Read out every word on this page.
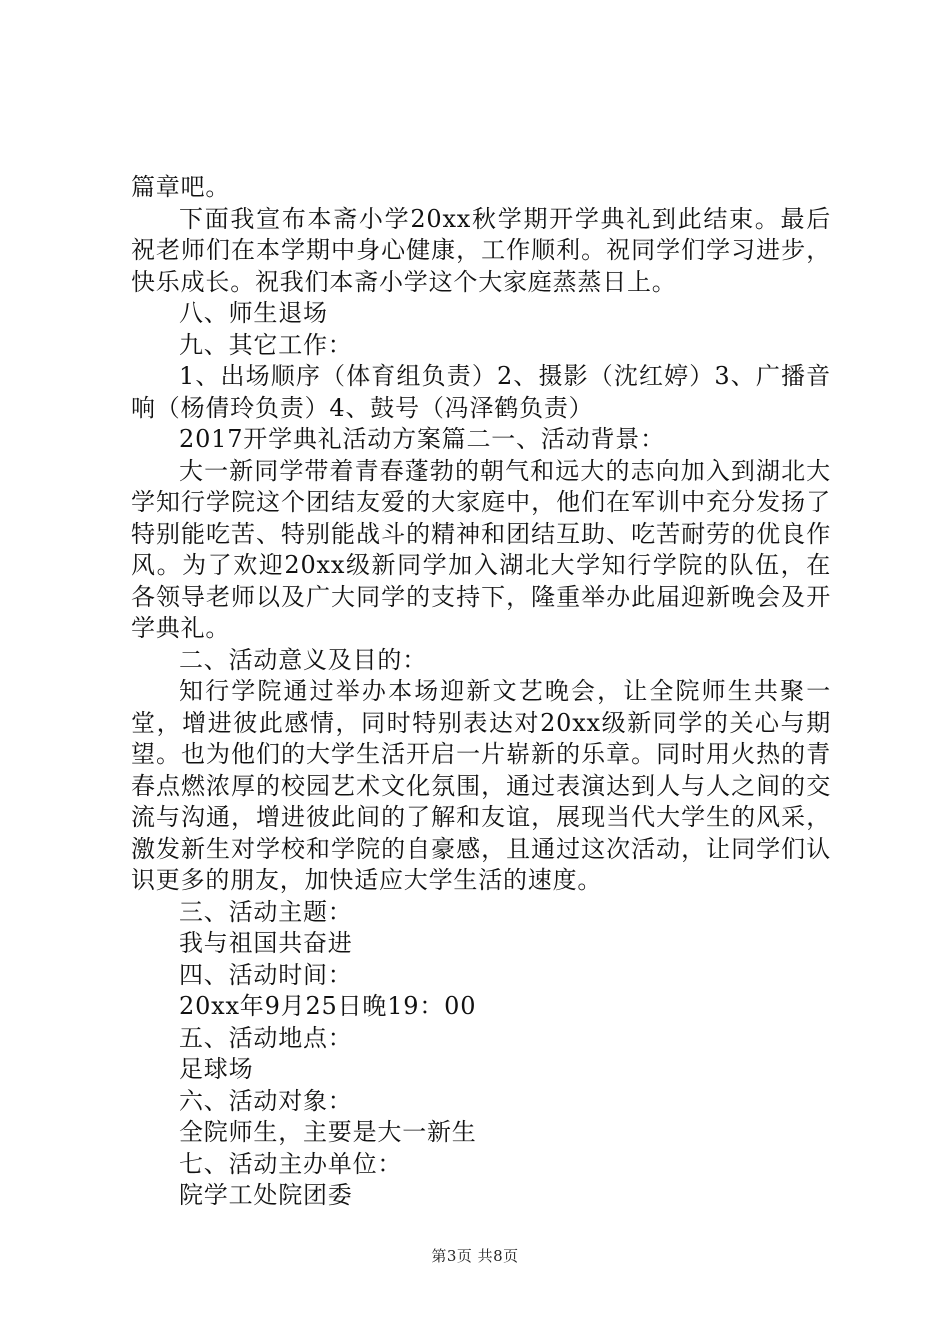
篇章吧。

下面我宣布本斋小学20xx秋学期开学典礼到此结束。最后祝老师们在本学期中身心健康，工作顺利。祝同学们学习进步，快乐成长。祝我们本斋小学这个大家庭蒸蒸日上。

八、师生退场

九、其它工作：

1、出场顺序（体育组负责）2、摄影（沈红婷）3、广播音响（杨倩玲负责）4、鼓号（冯泽鹤负责）

2017开学典礼活动方案篇二一、活动背景：

大一新同学带着青春蓬勃的朝气和远大的志向加入到湖北大学知行学院这个团结友爱的大家庭中，他们在军训中充分发扬了特别能吃苦、特别能战斗的精神和团结互助、吃苦耐劳的优良作风。为了欢迎20xx级新同学加入湖北大学知行学院的队伍，在各领导老师以及广大同学的支持下，隆重举办此届迎新晚会及开学典礼。

二、活动意义及目的：

知行学院通过举办本场迎新文艺晚会，让全院师生共聚一堂，增进彼此感情，同时特别表达对20xx级新同学的关心与期望。也为他们的大学生活开启一片崭新的乐章。同时用火热的青春点燃浓厚的校园艺术文化氛围，通过表演达到人与人之间的交流与沟通，增进彼此间的了解和友谊，展现当代大学生的风采，激发新生对学校和学院的自豪感，且通过这次活动，让同学们认识更多的朋友，加快适应大学生活的速度。

三、活动主题：

我与祖国共奋进

四、活动时间：

20xx年9月25日晚19：00

五、活动地点：

足球场

六、活动对象：

全院师生，主要是大一新生

七、活动主办单位：

院学工处院团委

第3页 共8页
